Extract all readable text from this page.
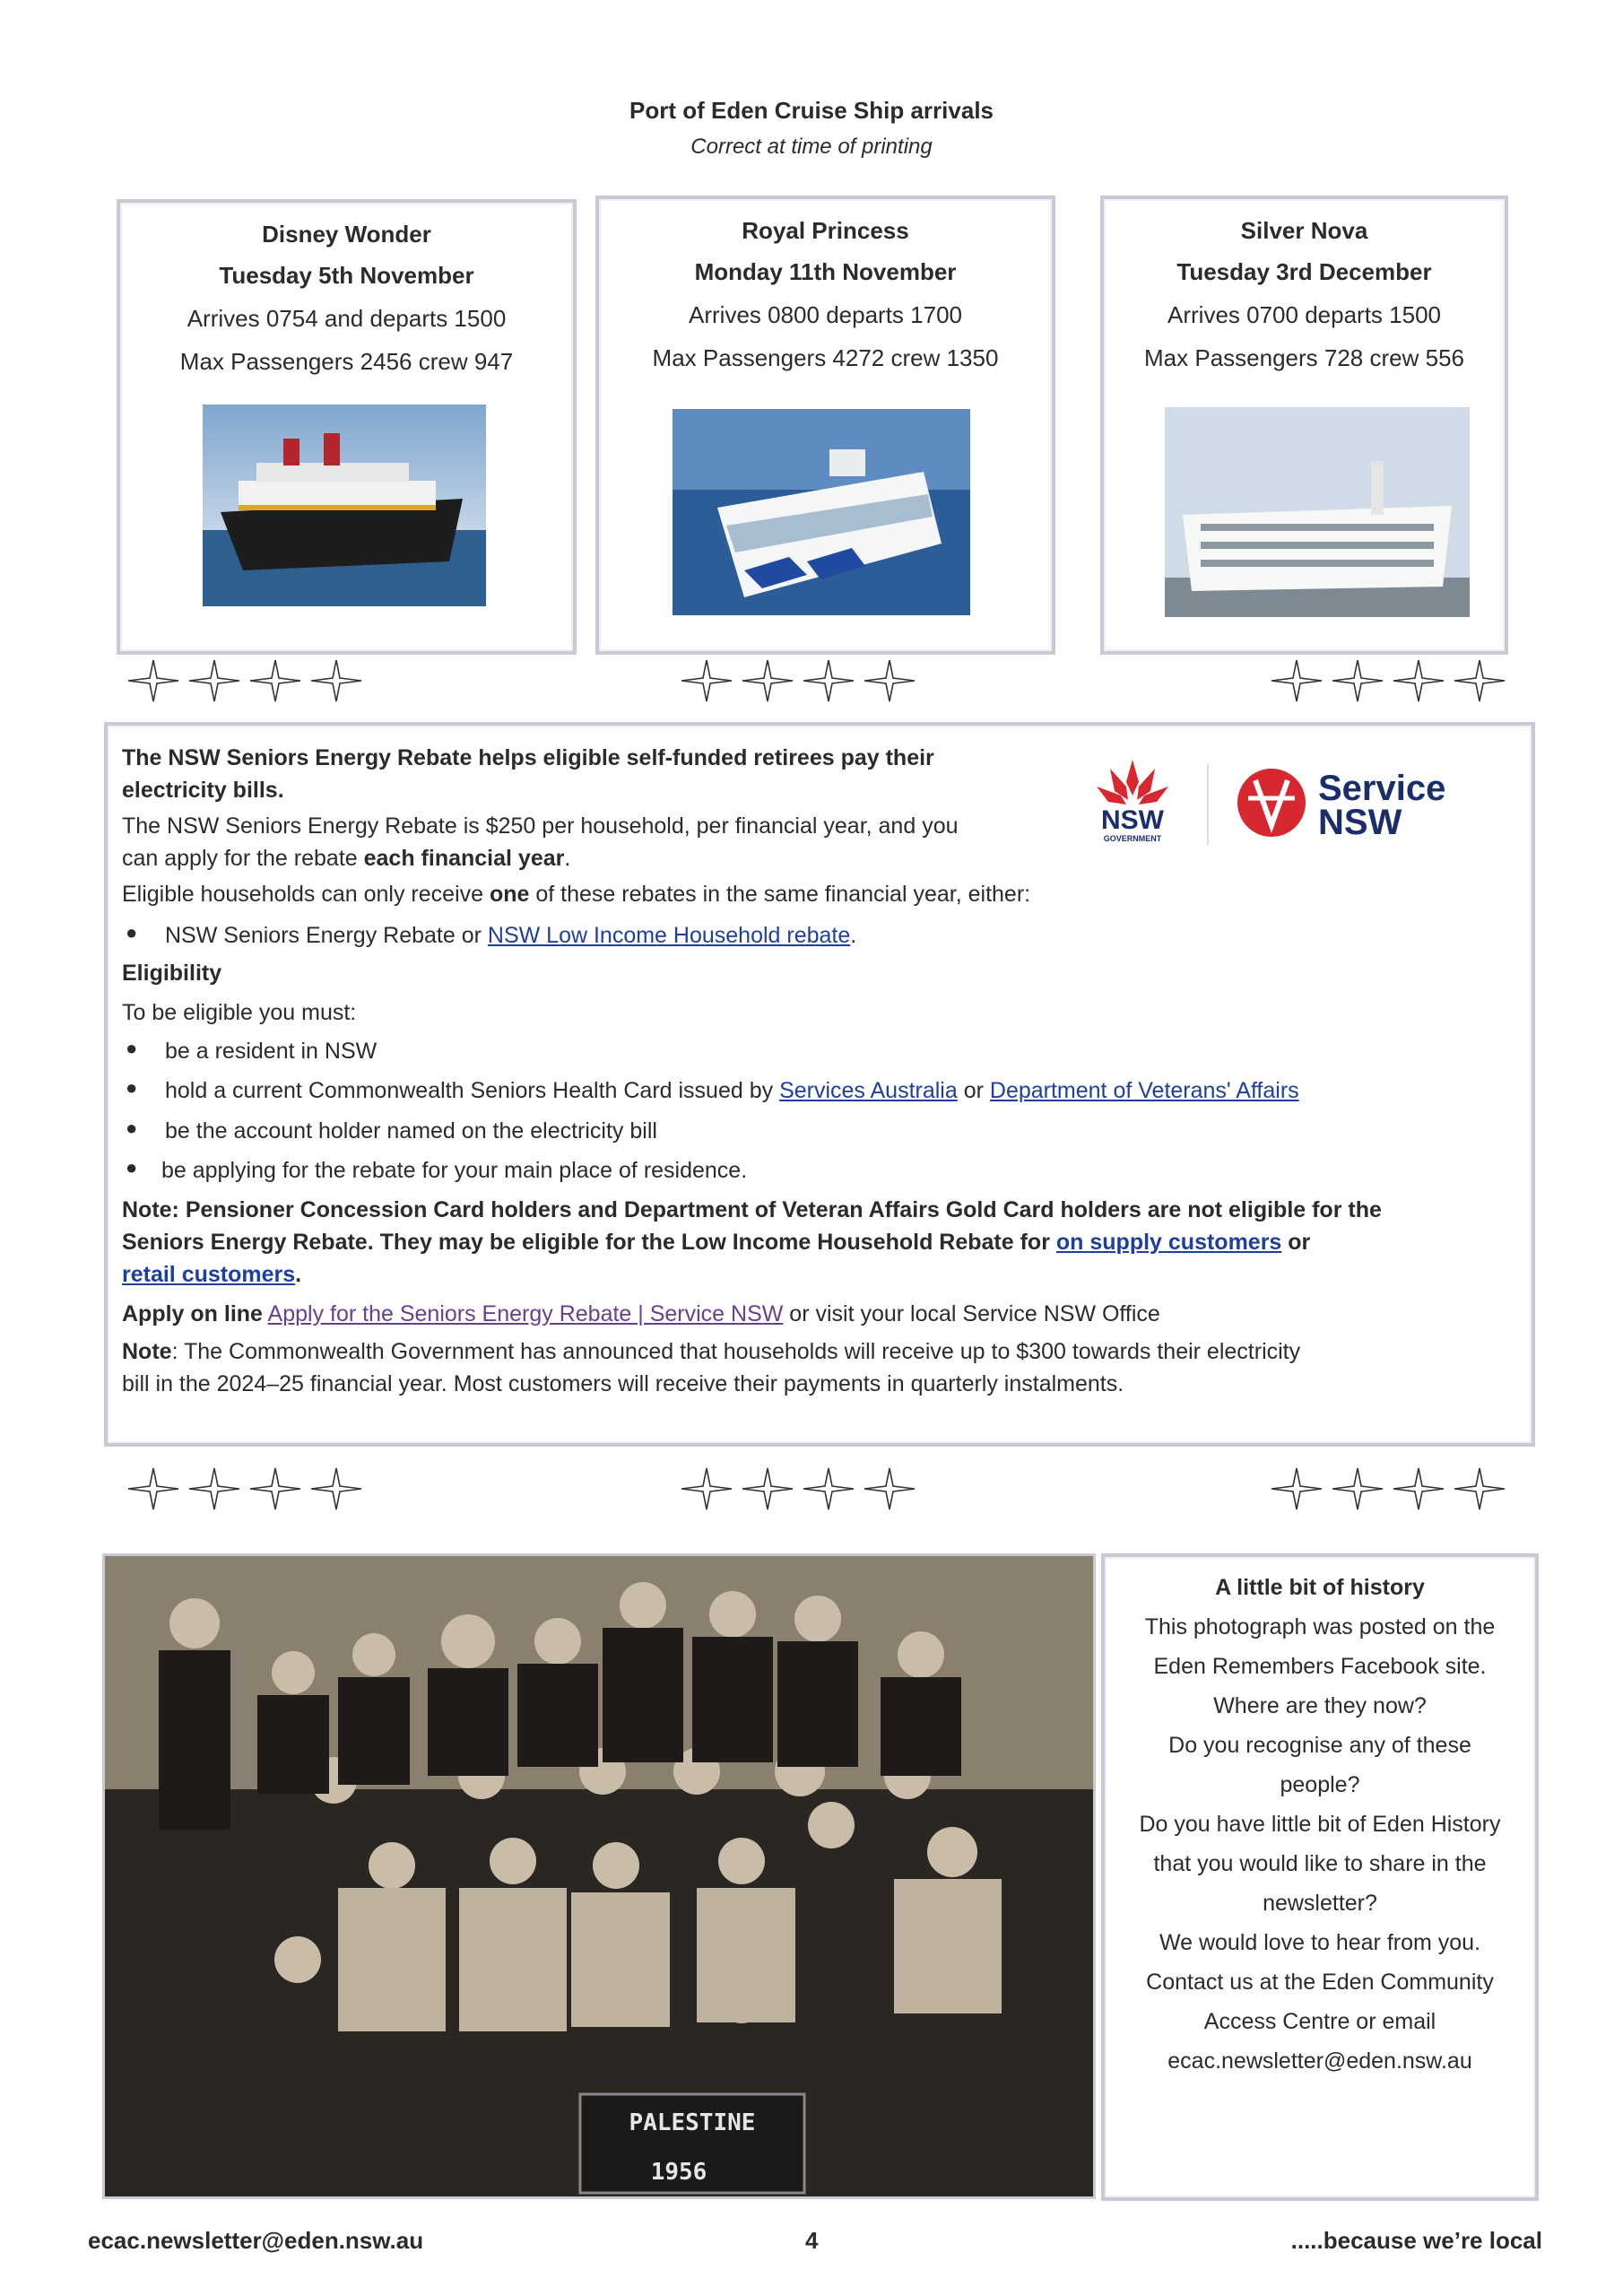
Port of Eden Cruise Ship arrivals
Correct at time of printing
Disney Wonder
Tuesday 5th November
Arrives 0754 and departs 1500
Max Passengers 2456 crew 947
Royal Princess
Monday 11th November
Arrives 0800 departs 1700
Max Passengers 4272 crew 1350
Silver Nova
Tuesday 3rd December
Arrives 0700 departs 1500
Max Passengers 728 crew 556
The NSW Seniors Energy Rebate helps eligible self-funded retirees pay their
electricity bills.
The NSW Seniors Energy Rebate is $250 per household, per financial year, and you
can apply for the rebate each financial year.
Eligible households can only receive one of these rebates in the same financial year, either:
● NSW Seniors Energy Rebate or NSW Low Income Household rebate.
Eligibility
To be eligible you must:
● be a resident in NSW
● hold a current Commonwealth Seniors Health Card issued by Services Australia or Department of Veterans' Affairs
● be the account holder named on the electricity bill
● be applying for the rebate for your main place of residence.
Note: Pensioner Concession Card holders and Department of Veteran Affairs Gold Card holders are not eligible for the
Seniors Energy Rebate. They may be eligible for the Low Income Household Rebate for on supply customers or
retail customers.
Apply on line Apply for the Seniors Energy Rebate | Service NSW or visit your local Service NSW Office
Note: The Commonwealth Government has announced that households will receive up to $300 towards their electricity
bill in the 2024–25 financial year. Most customers will receive their payments in quarterly instalments.
NSW
GOVERNMENT
Service
NSW
PALESTINE
1956
A little bit of history
This photograph was posted on the
Eden Remembers Facebook site.
Where are they now?
Do you recognise any of these
people?
Do you have little bit of Eden History
that you would like to share in the
newsletter?
We would love to hear from you.
Contact us at the Eden Community
Access Centre or email
ecac.newsletter@eden.nsw.au
ecac.newsletter@eden.nsw.au	4	.....because we’re local
